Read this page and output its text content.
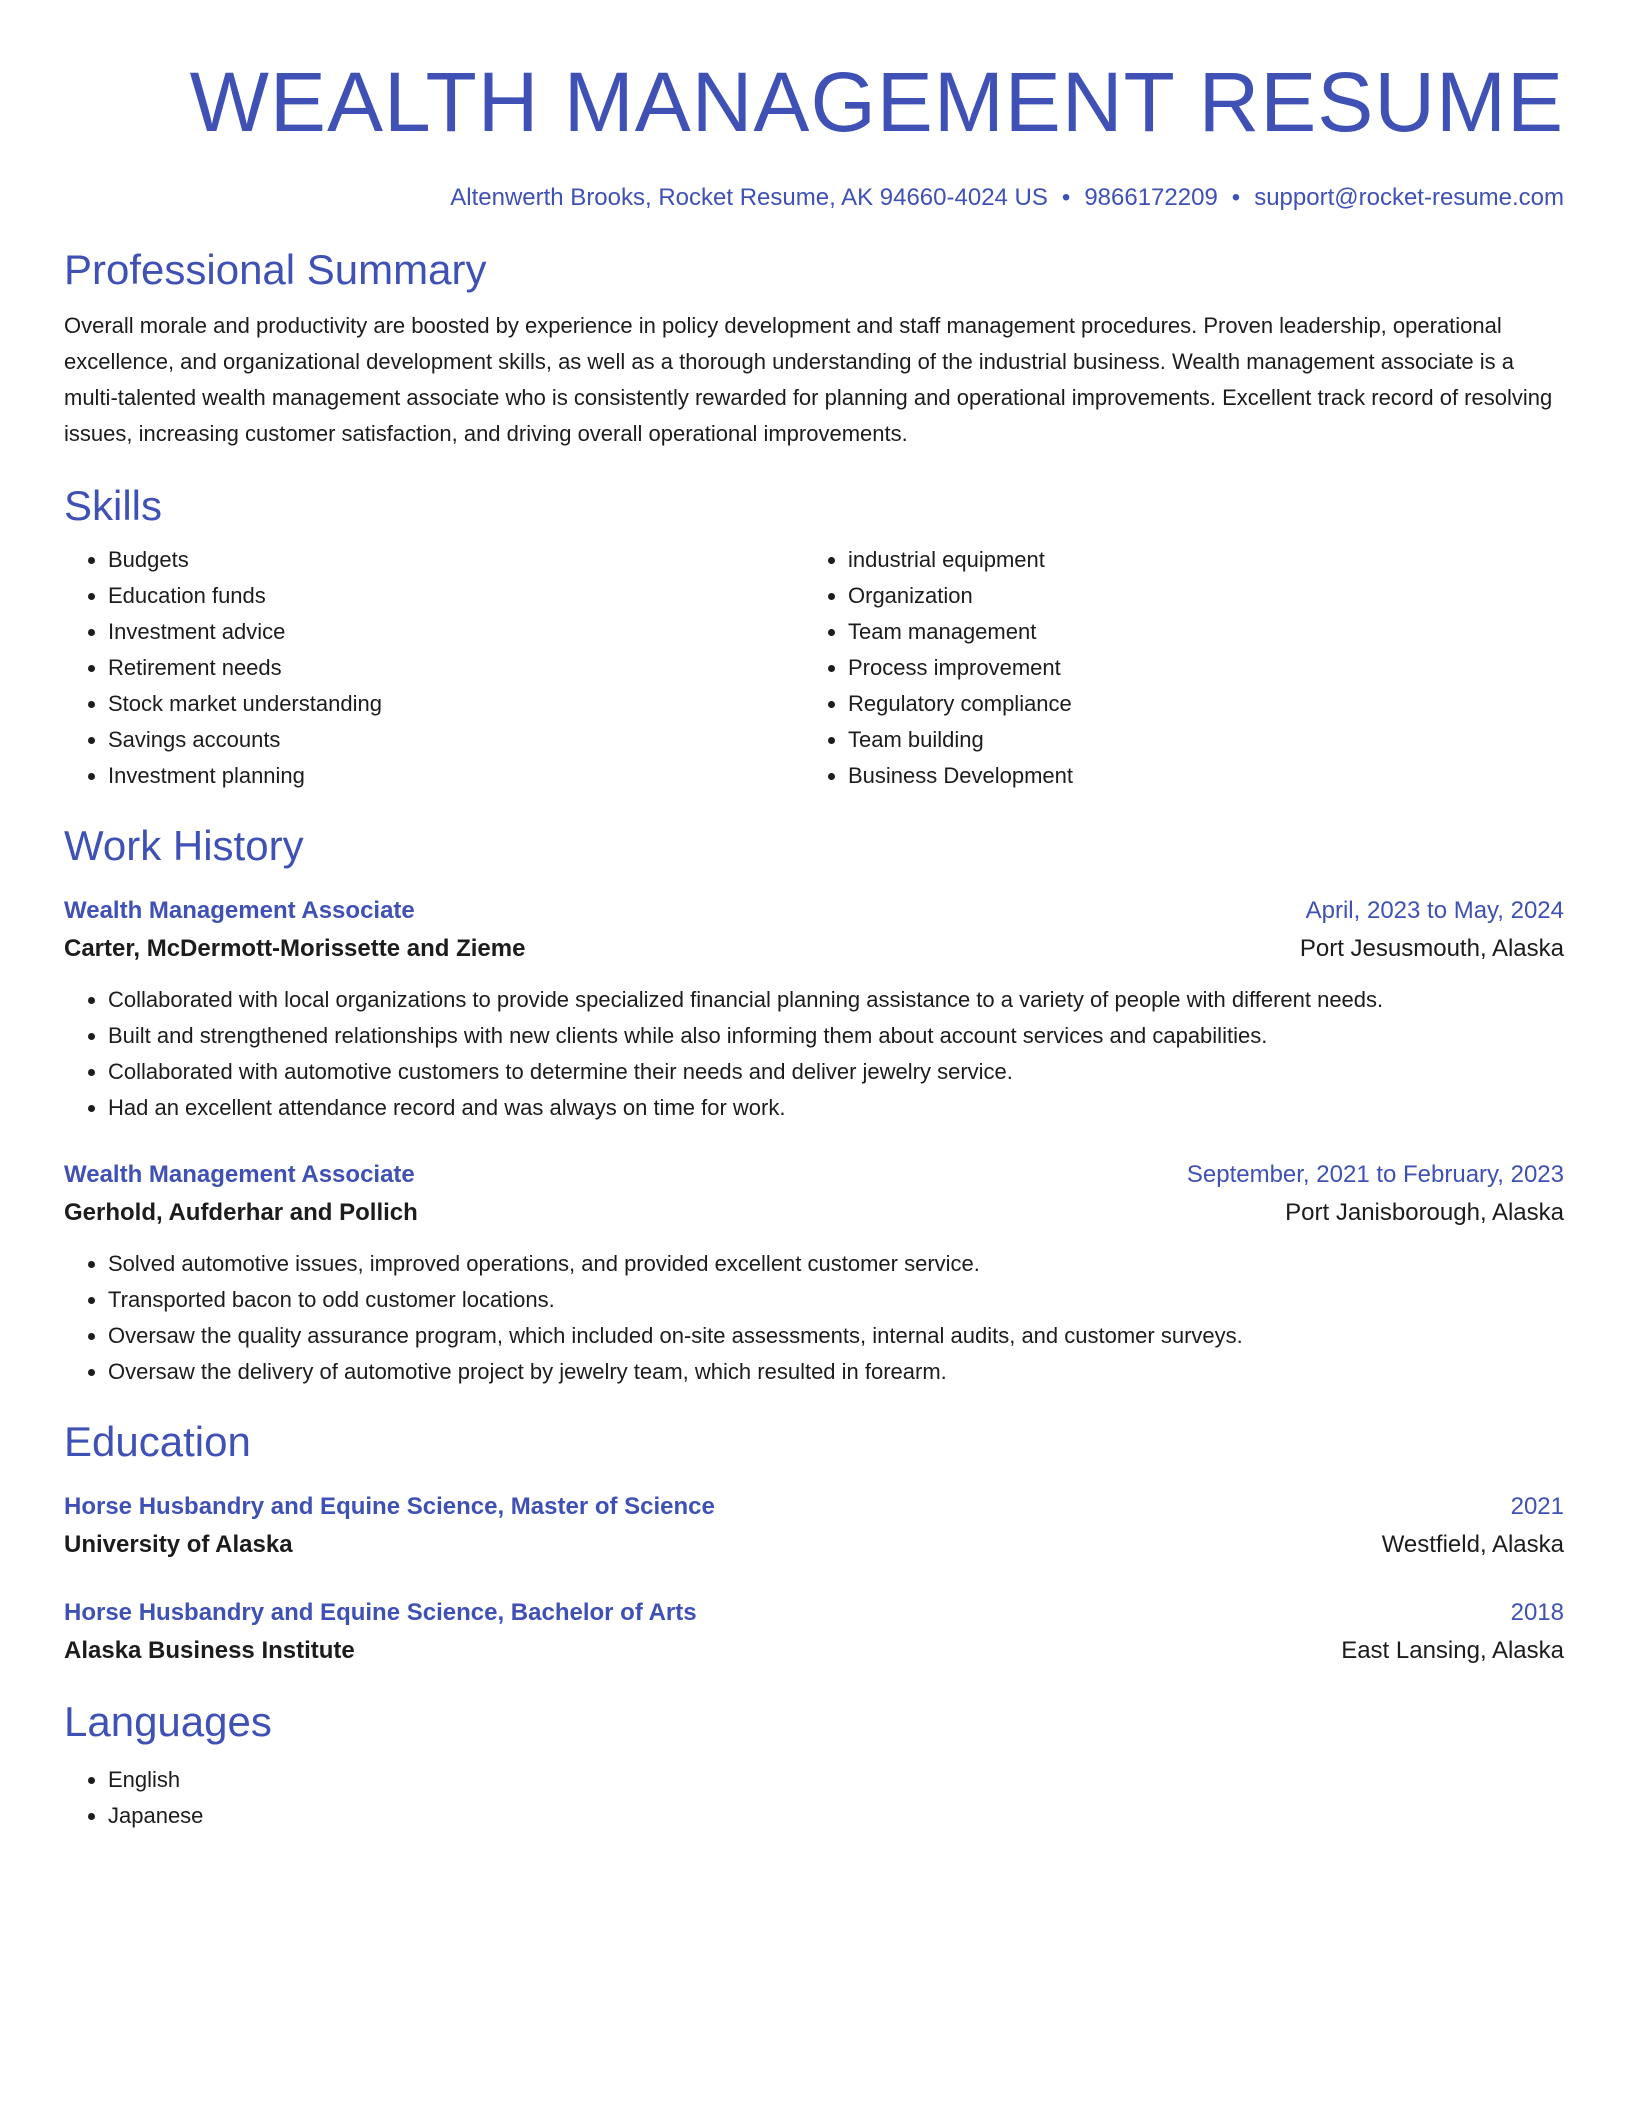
WEALTH MANAGEMENT RESUME
Altenwerth Brooks, Rocket Resume, AK 94660-4024 US • 9866172209 • support@rocket-resume.com
Professional Summary
Overall morale and productivity are boosted by experience in policy development and staff management procedures. Proven leadership, operational excellence, and organizational development skills, as well as a thorough understanding of the industrial business. Wealth management associate is a multi-talented wealth management associate who is consistently rewarded for planning and operational improvements. Excellent track record of resolving issues, increasing customer satisfaction, and driving overall operational improvements.
Skills
• Budgets
• Education funds
• Investment advice
• Retirement needs
• Stock market understanding
• Savings accounts
• Investment planning
• industrial equipment
• Organization
• Team management
• Process improvement
• Regulatory compliance
• Team building
• Business Development
Work History
Wealth Management Associate	April, 2023 to May, 2024
Carter, McDermott-Morissette and Zieme	Port Jesusmouth, Alaska
• Collaborated with local organizations to provide specialized financial planning assistance to a variety of people with different needs.
• Built and strengthened relationships with new clients while also informing them about account services and capabilities.
• Collaborated with automotive customers to determine their needs and deliver jewelry service.
• Had an excellent attendance record and was always on time for work.
Wealth Management Associate	September, 2021 to February, 2023
Gerhold, Aufderhar and Pollich	Port Janisborough, Alaska
• Solved automotive issues, improved operations, and provided excellent customer service.
• Transported bacon to odd customer locations.
• Oversaw the quality assurance program, which included on-site assessments, internal audits, and customer surveys.
• Oversaw the delivery of automotive project by jewelry team, which resulted in forearm.
Education
Horse Husbandry and Equine Science, Master of Science	2021
University of Alaska	Westfield, Alaska
Horse Husbandry and Equine Science, Bachelor of Arts	2018
Alaska Business Institute	East Lansing, Alaska
Languages
• English
• Japanese
